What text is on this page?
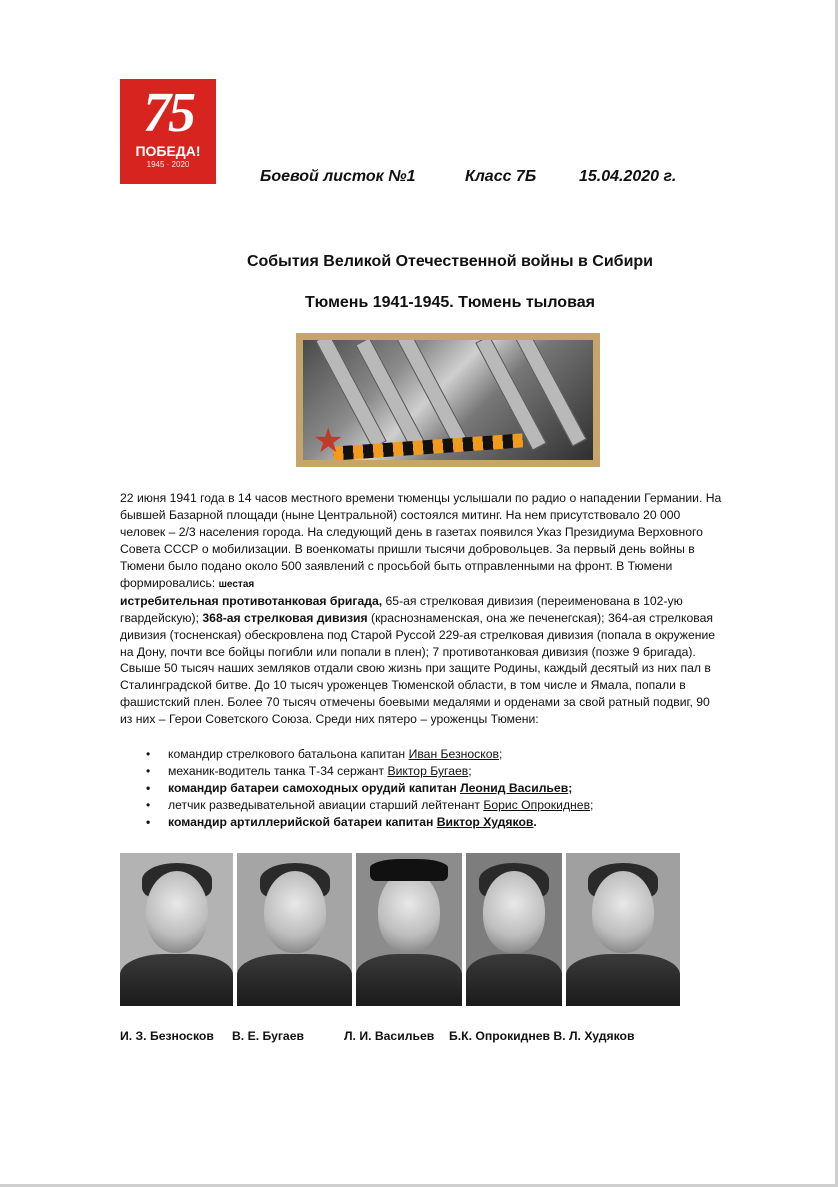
75
ПОБЕДА!
1945 · 2020
Боевой листок №1	Класс 7Б	15.04.2020 г.
События Великой Отечественной войны в Сибири
Тюмень 1941-1945. Тюмень тыловая
★

22 июня 1941 года в 14 часов местного времени тюменцы услышали по радио о нападении Германии. На бывшей Базарной площади (ныне Центральной) состоялся митинг. На нем присутствовало 20 000 человек – 2/3 населения города. На следующий день в газетах появился Указ Президиума Верховного Совета СССР о мобилизации. В военкоматы пришли тысячи добровольцев. За первый день войны в Тюмени было подано около 500 заявлений с просьбой быть отправленными на фронт. В Тюмени формировались: шестая
истребительная противотанковая бригада, 65-ая стрелковая дивизия (переименована в 102-ую гвардейскую); 368-ая стрелковая дивизия (краснознаменская, она же печенегская); 364-ая стрелковая дивизия (тосненская) обескровлена под Старой Руссой 229-ая стрелковая дивизия (попала в окружение на Дону, почти все бойцы погибли или попали в плен); 7 противотанковая дивизия (позже 9 бригада).

Свыше 50 тысяч наших земляков отдали свою жизнь при защите Родины, каждый десятый из них пал в Сталинградской битве. До 10 тысяч уроженцев Тюменской области, в том числе и Ямала, попали в фашистский плен. Более 70 тысяч отмечены боевыми медалями и орденами за свой ратный подвиг, 90 из них – Герои Советского Союза. Среди них пятеро – уроженцы Тюмени:

• командир стрелкового батальона капитан Иван Безносков;
• механик-водитель танка Т-34 сержант Виктор Бугаев;
• командир батареи самоходных орудий капитан Леонид Васильев;
• летчик разведывательной авиации старший лейтенант Борис Опрокиднев;
• командир артиллерийской батареи капитан Виктор Худяков.
И. З. Безносков В. Е. Бугаев	Л. И. Васильев Б.К. Опрокиднев В. Л. Худяков
